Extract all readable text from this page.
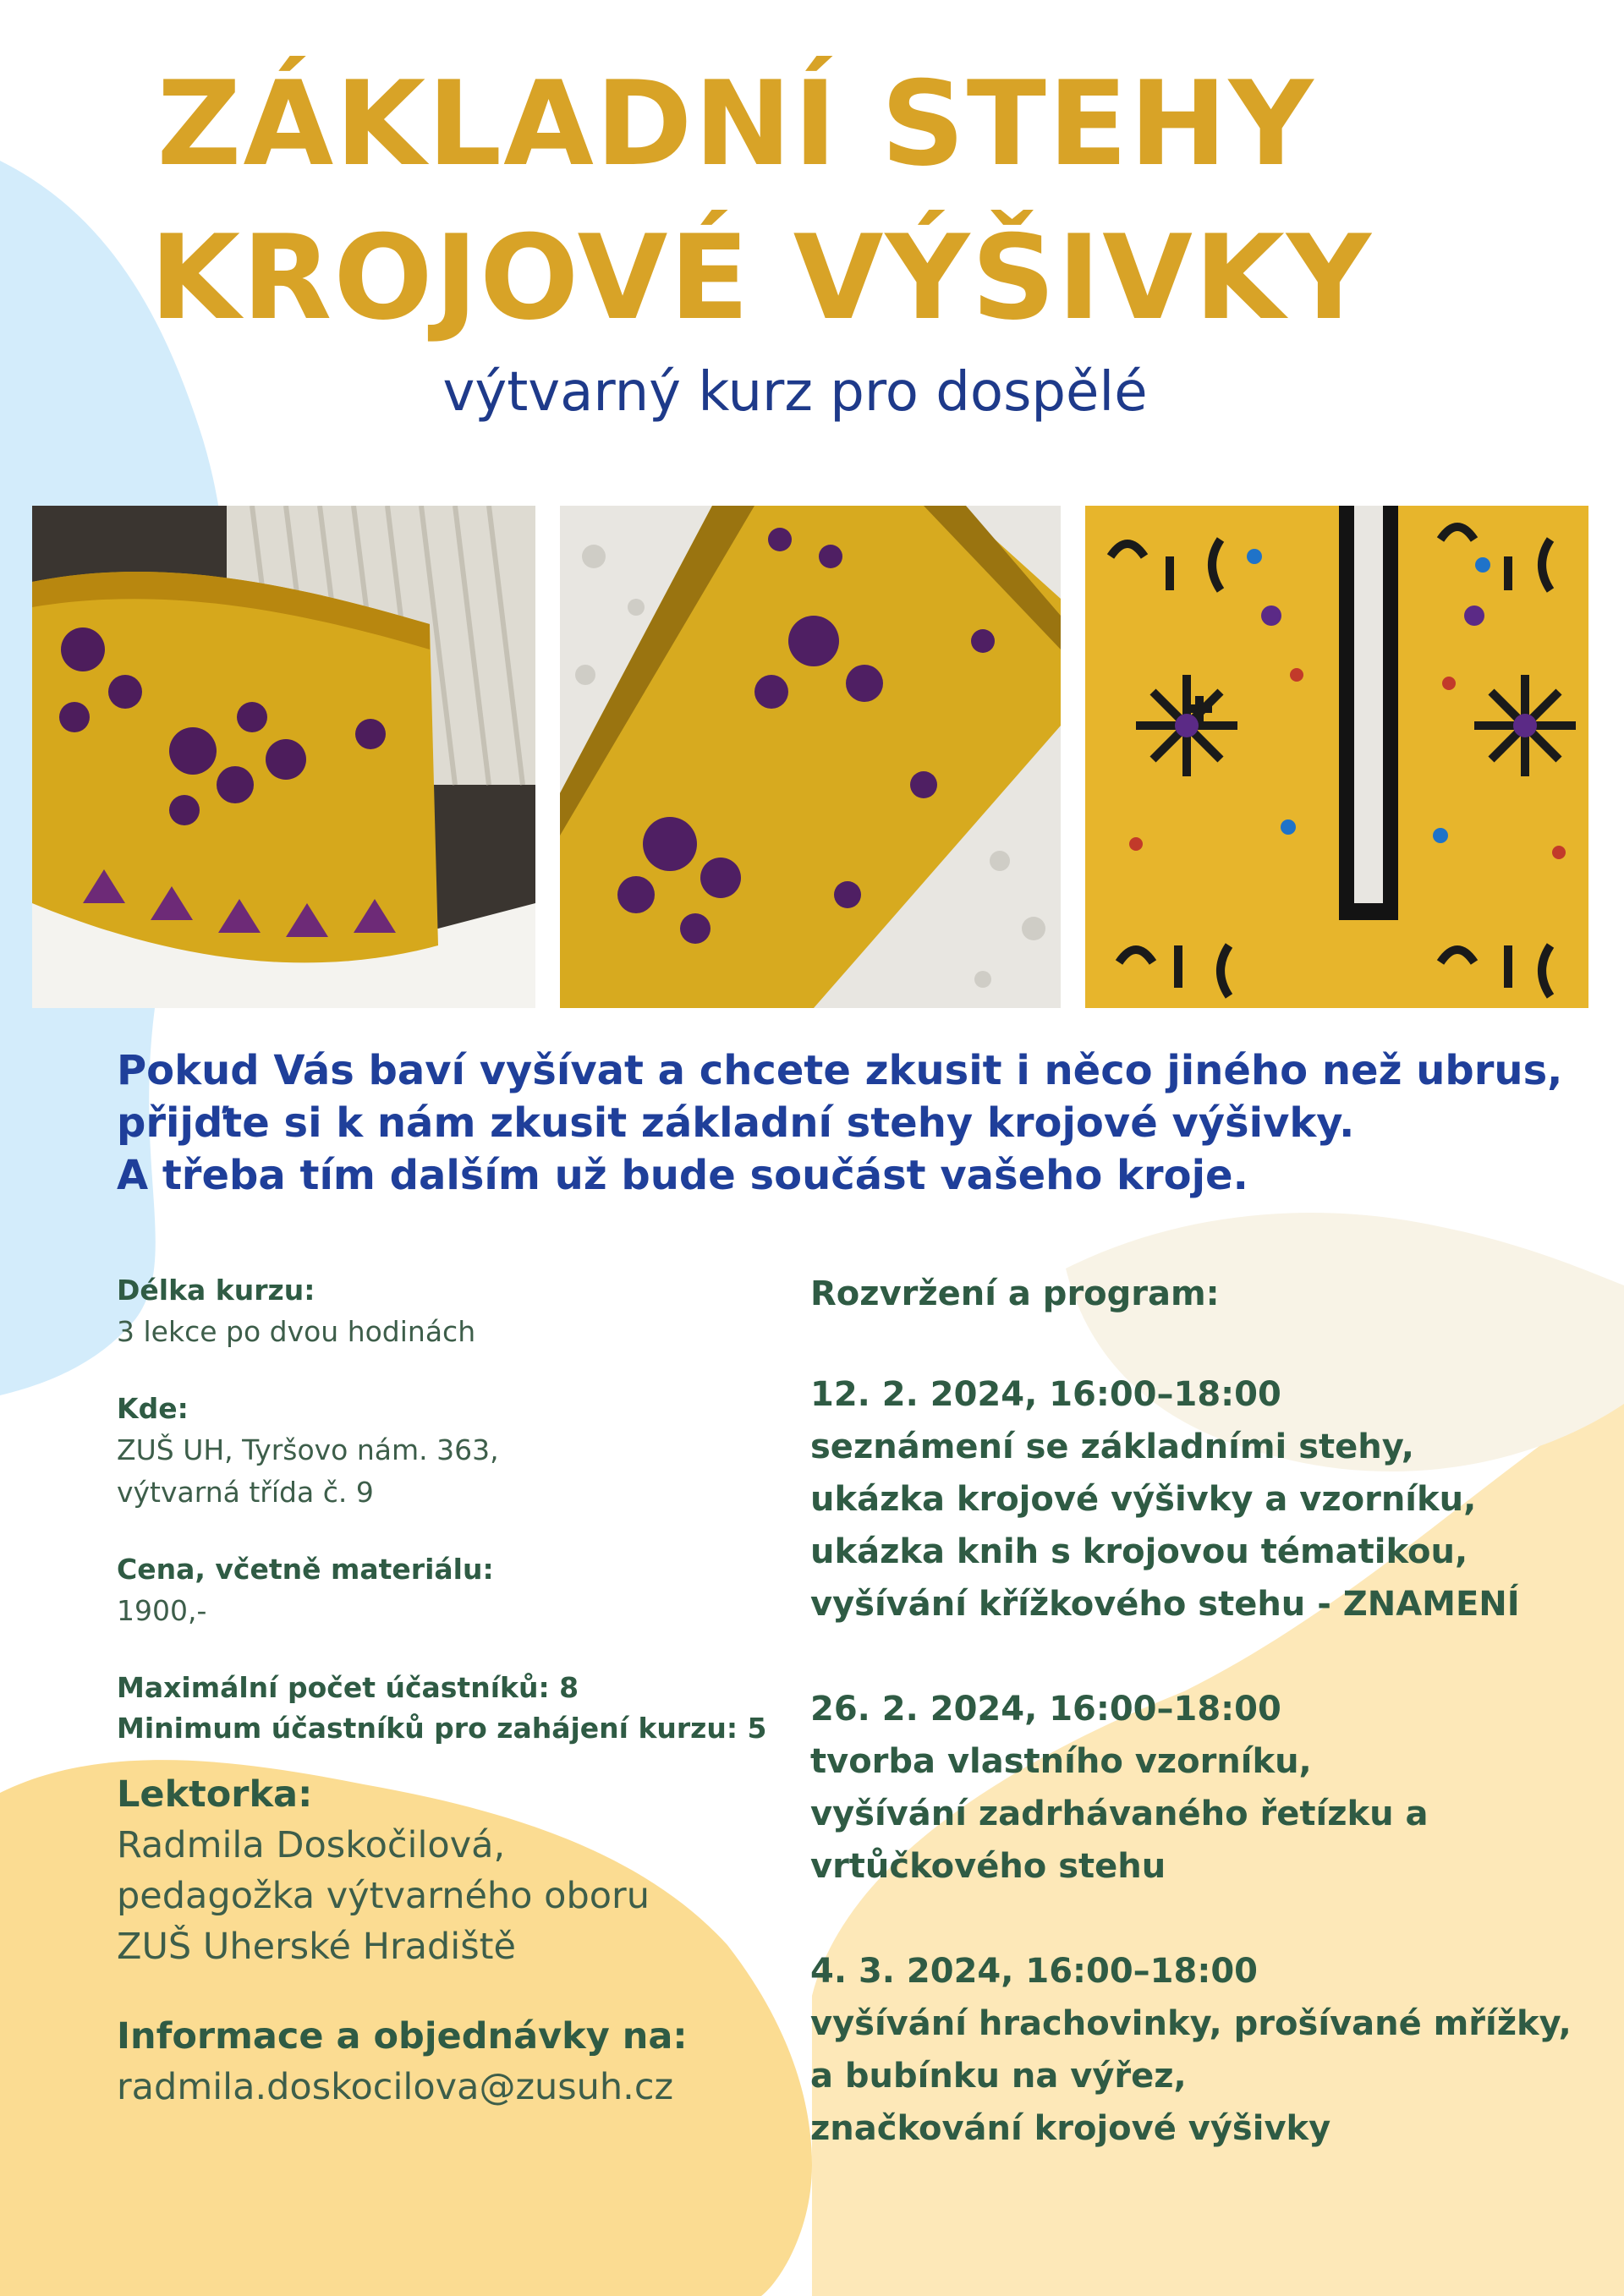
ZÁKLADNÍ STEHY
KROJOVÉ VÝŠIVKY
výtvarný kurz pro dospělé
Pokud Vás baví vyšívat a chcete zkusit i něco jiného než ubrus,
přijďte si k nám zkusit základní stehy krojové výšivky.
A třeba tím dalším už bude součást vašeho kroje.
Délka kurzu:
3 lekce po dvou hodinách
Kde:
ZUŠ UH, Tyršovo nám. 363,
výtvarná třída č. 9
Cena, včetně materiálu:
1900,-
Maximální počet účastníků: 8
Minimum účastníků pro zahájení kurzu: 5
Lektorka:
Radmila Doskočilová,
pedagožka výtvarného oboru
ZUŠ Uherské Hradiště
Informace a objednávky na:
radmila.doskocilova@zusuh.cz
Rozvržení a program:
12. 2. 2024, 16:00–18:00
seznámení se základními stehy,
ukázka krojové výšivky a vzorníku,
ukázka knih s krojovou tématikou,
vyšívání křížkového stehu - ZNAMENÍ
26. 2. 2024, 16:00–18:00
tvorba vlastního vzorníku,
vyšívání zadrhávaného řetízku a
vrtůčkového stehu
4. 3. 2024, 16:00–18:00
vyšívání hrachovinky, prošívané mřížky,
a bubínku na výřez,
značkování krojové výšivky
